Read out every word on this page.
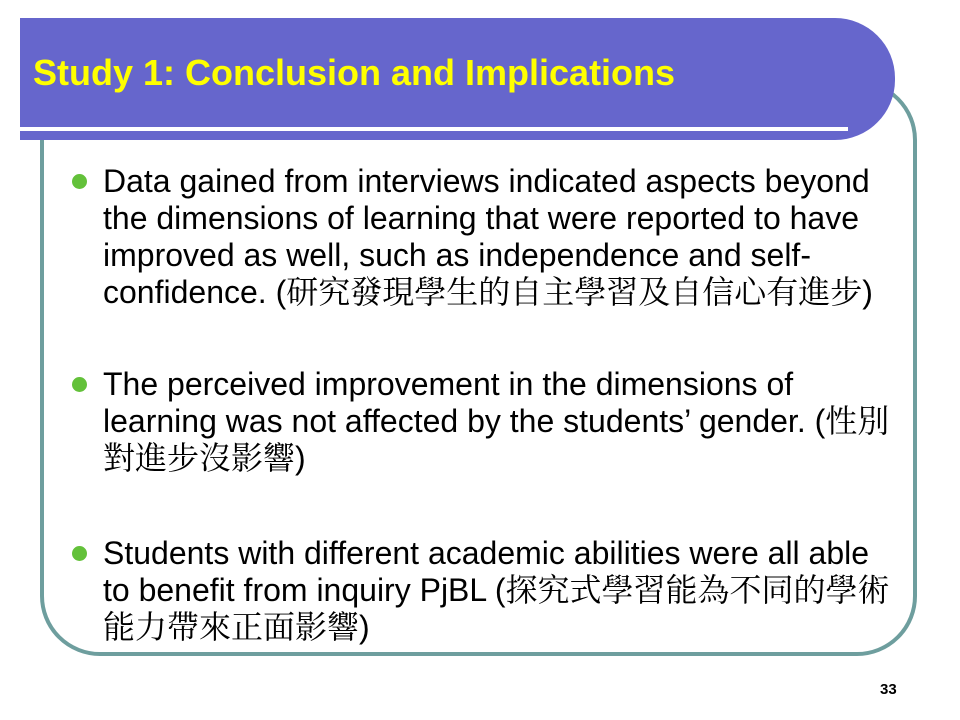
Study 1: Conclusion and Implications
Data gained from interviews indicated aspects beyond the dimensions of learning that were reported to have improved as well, such as independence and self-confidence. (研究發現學生的自主學習及自信心有進步)
The perceived improvement in the dimensions of learning was not affected by the students’ gender. (性別對進步沒影響)
Students with different academic abilities were all able to benefit from inquiry PjBL (探究式學習能為不同的學術能力帶來正面影響)
33
